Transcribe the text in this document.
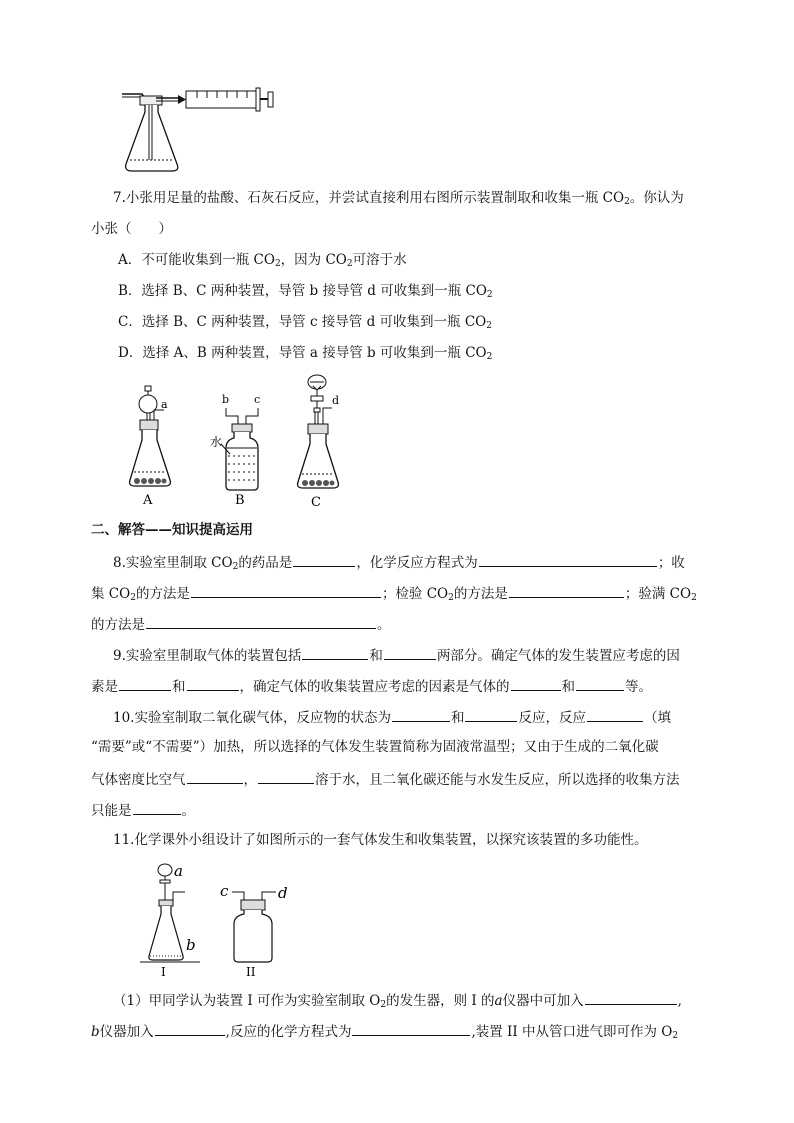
7.小张用足量的盐酸、石灰石反应，并尝试直接利用右图所示装置制取和收集一瓶 $CO_2$。你认为
小张（　　）
A．不可能收集到一瓶 $CO_2$，因为 $CO_2$可溶于水
B．选择 B、C 两种装置，导管 b 接导管 d 可收集到一瓶 $CO_2$
C．选择 B、C 两种装置，导管 c 接导管 d 可收集到一瓶 $CO_2$
D．选择 A、B 两种装置，导管 a 接导管 b 可收集到一瓶 $CO_2$
a
A
b c
水
B
d
C
二、解答——知识提高运用
8.实验室里制取 $CO_2$的药品是	，化学反应方程式为	；收
集 $CO_2$的方法是	；检验 $CO_2$的方法是	；验满 $CO_2$
的方法是	。
9.实验室里制取气体的装置包括	和	两部分。确定气体的发生装置应考虑的因
素是	和	，确定气体的收集装置应考虑的因素是气体的	和	等。
10.实验室制取二氧化碳气体，反应物的状态为	和	反应，反应	（填
“需要”或“不需要”）加热，所以选择的气体发生装置简称为固液常温型；又由于生成的二氧化碳
气体密度比空气	，	溶于水，且二氧化碳还能与水发生反应，所以选择的收集方法
只能是	。
11.化学课外小组设计了如图所示的一套气体发生和收集装置，以探究该装置的多功能性。
a
b
I
c	d
II
（1）甲同学认为装置 I 可作为实验室制取 $O_2$的发生器，则 I 的a仪器中可加入	,
b仪器加入	,反应的化学方程式为	,装置 II 中从管口进气即可作为 $O_2$
